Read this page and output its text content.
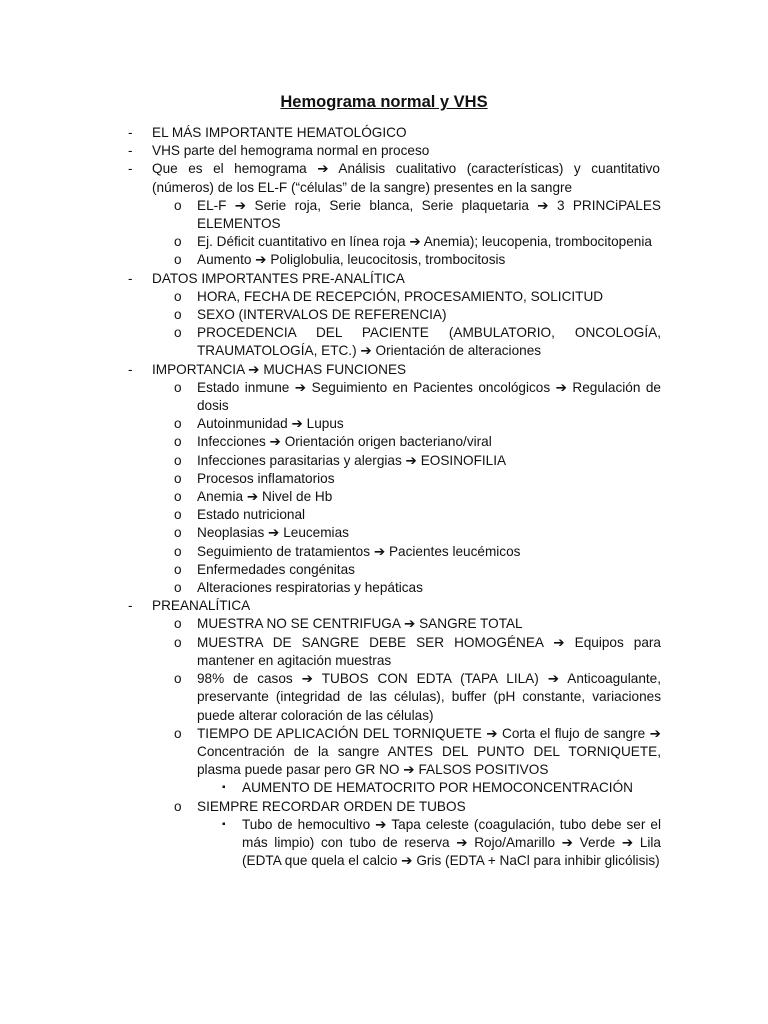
Hemograma normal y VHS
- EL MÁS IMPORTANTE HEMATOLÓGICO
- VHS parte del hemograma normal en proceso
- Que es el hemograma ➔ Análisis cualitativo (características) y cuantitativo (números) de los EL-F (“células” de la sangre) presentes en la sangre
o EL-F ➔ Serie roja, Serie blanca, Serie plaquetaria ➔ 3 PRINCiPALES ELEMENTOS
o Ej. Déficit cuantitativo en línea roja ➔ Anemia); leucopenia, trombocitopenia
o Aumento ➔ Poliglobulia, leucocitosis, trombocitosis
- DATOS IMPORTANTES PRE-ANALÍTICA
o HORA, FECHA DE RECEPCIÓN, PROCESAMIENTO, SOLICITUD
o SEXO (INTERVALOS DE REFERENCIA)
o PROCEDENCIA DEL PACIENTE (AMBULATORIO, ONCOLOGÍA, TRAUMATOLOGÍA, ETC.) ➔ Orientación de alteraciones
- IMPORTANCIA ➔ MUCHAS FUNCIONES
o Estado inmune ➔ Seguimiento en Pacientes oncológicos ➔ Regulación de dosis
o Autoinmunidad ➔ Lupus
o Infecciones ➔ Orientación origen bacteriano/viral
o Infecciones parasitarias y alergias ➔ EOSINOFILIA
o Procesos inflamatorios
o Anemia ➔ Nivel de Hb
o Estado nutricional
o Neoplasias ➔ Leucemias
o Seguimiento de tratamientos ➔ Pacientes leucémicos
o Enfermedades congénitas
o Alteraciones respiratorias y hepáticas
- PREANALÍTICA
o MUESTRA NO SE CENTRIFUGA ➔ SANGRE TOTAL
o MUESTRA DE SANGRE DEBE SER HOMOGÉNEA ➔ Equipos para mantener en agitación muestras
o 98% de casos ➔ TUBOS CON EDTA (TAPA LILA) ➔ Anticoagulante, preservante (integridad de las células), buffer (pH constante, variaciones puede alterar coloración de las células)
o TIEMPO DE APLICACIÓN DEL TORNIQUETE ➔ Corta el flujo de sangre ➔ Concentración de la sangre ANTES DEL PUNTO DEL TORNIQUETE, plasma puede pasar pero GR NO ➔ FALSOS POSITIVOS
▪ AUMENTO DE HEMATOCRITO POR HEMOCONCENTRACIÓN
o SIEMPRE RECORDAR ORDEN DE TUBOS
▪ Tubo de hemocultivo ➔ Tapa celeste (coagulación, tubo debe ser el más limpio) con tubo de reserva ➔ Rojo/Amarillo ➔ Verde ➔ Lila (EDTA que quela el calcio ➔ Gris (EDTA + NaCl para inhibir glicólisis)
